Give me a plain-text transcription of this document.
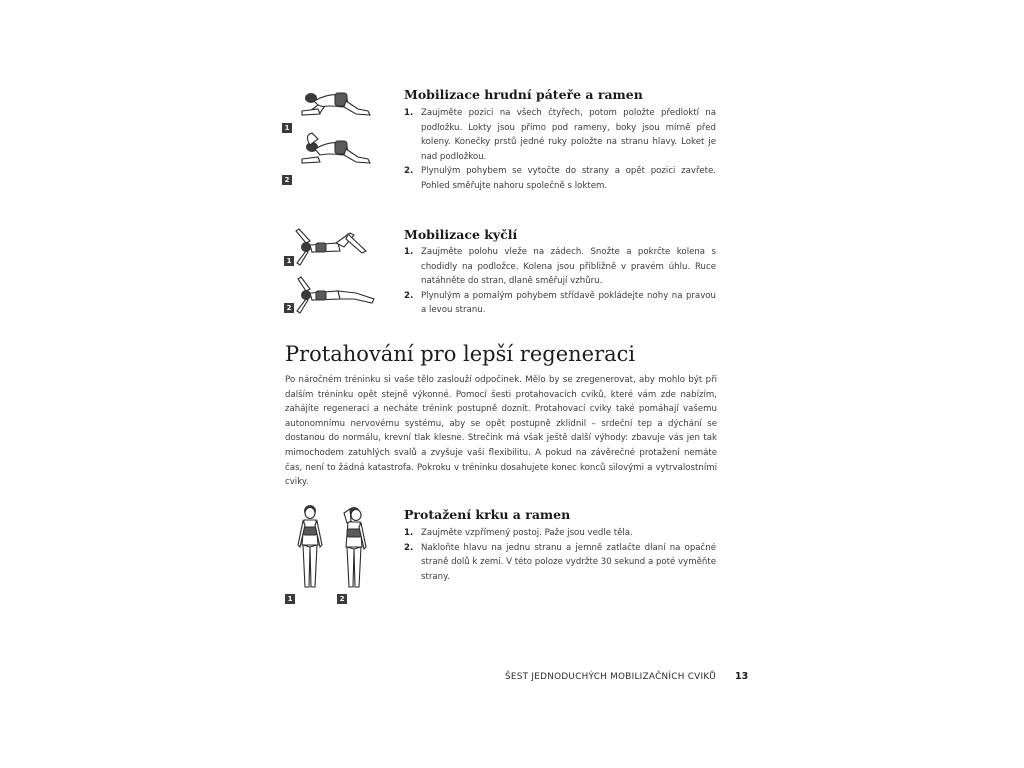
1
2
Mobilizace hrudní páteře a ramen
1. Zaujměte pozici na všech čtyřech, potom položte předloktí na podložku. Lokty jsou přímo pod rameny, boky jsou mírně před koleny. Konečky prstů jedné ruky položte na stranu hlavy. Loket je nad podložkou.
2. Plynulým pohybem se vytočte do strany a opět pozici zavřete. Pohled směřujte nahoru společně s loktem.
1
2
Mobilizace kyčlí
1. Zaujměte polohu vleže na zádech. Snožte a pokrčte kolena s chodidly na podložce. Kolena jsou přibližně v pravém úhlu. Ruce natáhněte do stran, dlaně směřují vzhůru.
2. Plynulým a pomalým pohybem střídavě pokládejte nohy na pravou a levou stranu.
Protahování pro lepší regeneraci

Po náročném tréninku si vaše tělo zaslouží odpočinek. Mělo by se zregenerovat, aby mohlo být při dalším tréninku opět stejně výkonné. Pomocí šesti protahovacích cviků, které vám zde nabízím, zahájíte regeneraci a necháte trénink postupně doznít. Protahovací cviky také pomáhají vašemu autonomnímu nervovému systému, aby se opět postupně zklidnil – srdeční tep a dýchání se dostanou do normálu, krevní tlak klesne. Strečink má však ještě další výhody: zbavuje vás jen tak mimochodem zatuhlých svalů a zvyšuje vaši flexibilitu. A pokud na závěrečné protažení nemáte čas, není to žádná katastrofa. Pokroku v tréninku dosahujete konec konců silovými a vytrvalostními cviky.

1	2
Protažení krku a ramen
1. Zaujměte vzpřímený postoj. Paže jsou vedle těla.
2. Nakloňte hlavu na jednu stranu a jemně zatlačte dlaní na opačné straně dolů k zemi. V této poloze vydržte 30 sekund a poté vyměňte strany.
ŠEST JEDNODUCHÝCH MOBILIZAČNÍCH CVIKŮ 13
